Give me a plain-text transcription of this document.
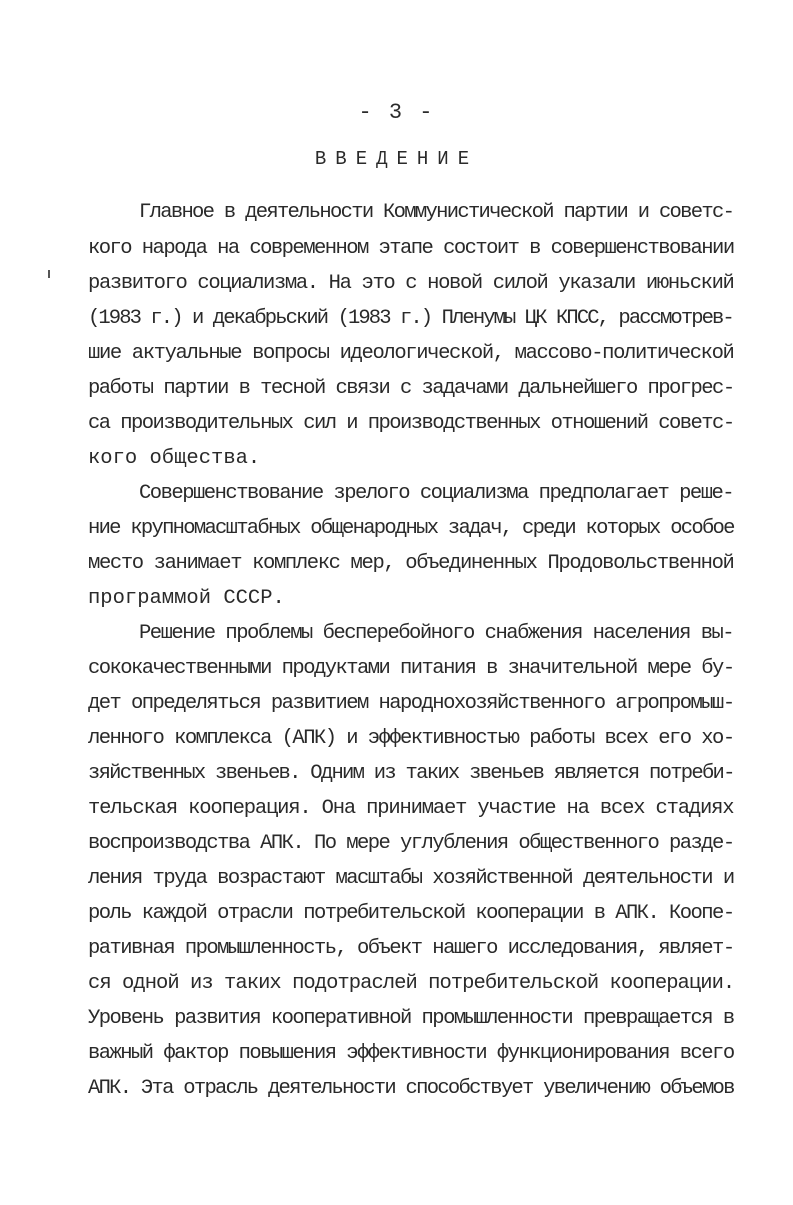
- 3 -
ВВЕДЕНИЕ
Главное в деятельности Коммунистической партии и советс-
кого народа на современном этапе состоит в совершенствовании
развитого социализма. На это с новой силой указали июньский
(1983 г.) и декабрьский (1983 г.) Пленумы ЦК КПСС, рассмотрев-
шие актуальные вопросы идеологической, массово-политической
работы партии в тесной связи с задачами дальнейшего прогрес-
са производительных сил и производственных отношений советс-
кого общества.
Совершенствование зрелого социализма предполагает реше-
ние крупномасштабных общенародных задач, среди которых особое
место занимает комплекс мер, объединенных Продовольственной
программой СССР.
Решение проблемы бесперебойного снабжения населения вы-
сококачественными продуктами питания в значительной мере бу-
дет определяться развитием народнохозяйственного агропромыш-
ленного комплекса (АПК) и эффективностью работы всех его хо-
зяйственных звеньев. Одним из таких звеньев является потреби-
тельская кооперация. Она принимает участие на всех стадиях
воспроизводства АПК. По мере углубления общественного разде-
ления труда возрастают масштабы хозяйственной деятельности и
роль каждой отрасли потребительской кооперации в АПК. Коопе-
ративная промышленность, объект нашего исследования, являет-
ся одной из таких подотраслей потребительской кооперации.
Уровень развития кооперативной промышленности превращается в
важный фактор повышения эффективности функционирования всего
АПК. Эта отрасль деятельности способствует увеличению объемов
